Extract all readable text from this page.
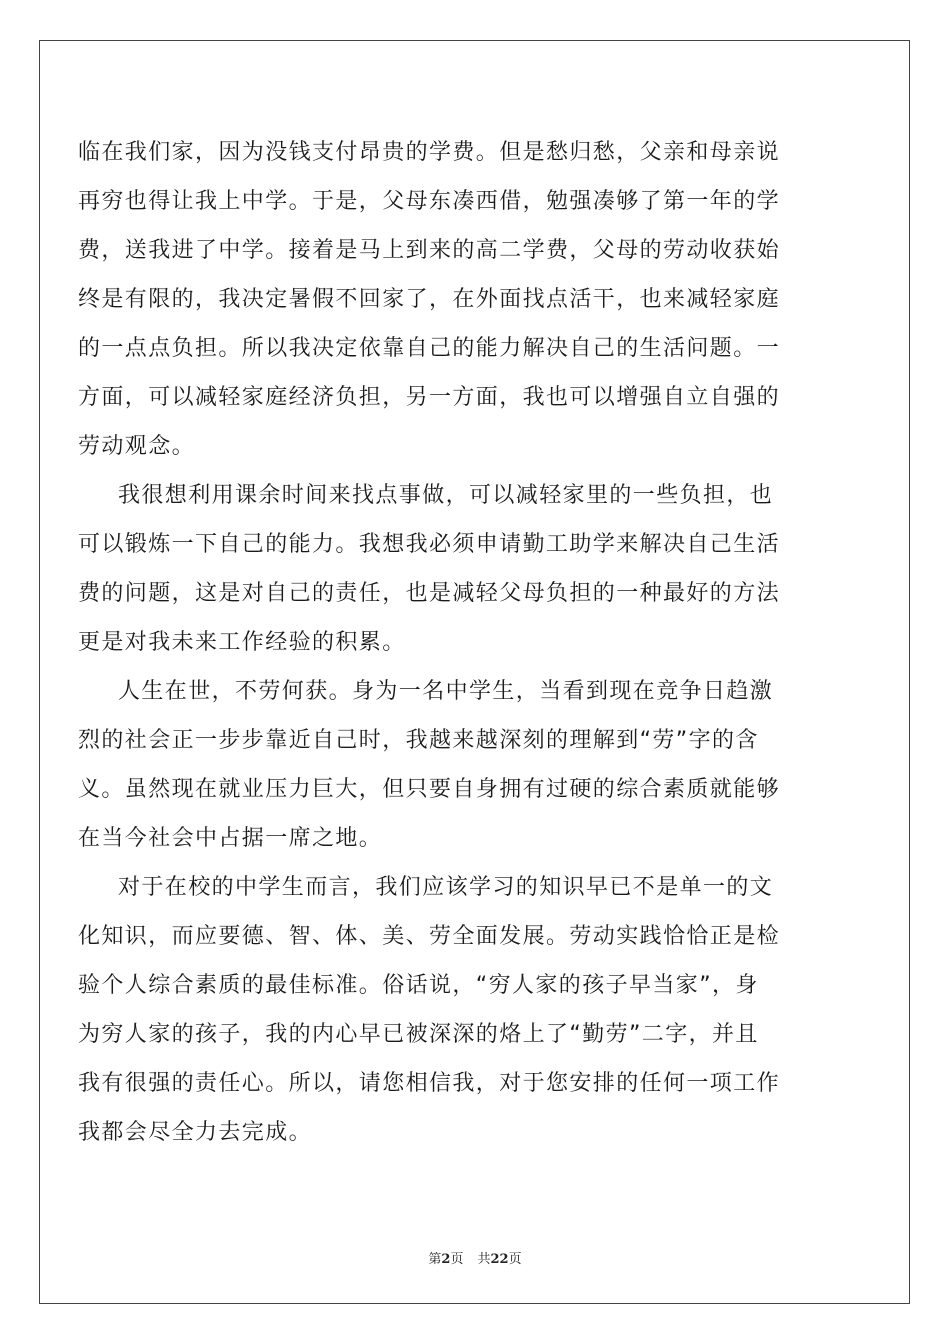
临在我们家，因为没钱支付昂贵的学费。但是愁归愁，父亲和母亲说
再穷也得让我上中学。于是，父母东凑西借，勉强凑够了第一年的学
费，送我进了中学。接着是马上到来的高二学费，父母的劳动收获始
终是有限的，我决定暑假不回家了，在外面找点活干，也来减轻家庭
的一点点负担。所以我决定依靠自己的能力解决自己的生活问题。一
方面，可以减轻家庭经济负担，另一方面，我也可以增强自立自强的
劳动观念。
我很想利用课余时间来找点事做，可以减轻家里的一些负担，也
可以锻炼一下自己的能力。我想我必须申请勤工助学来解决自己生活
费的问题，这是对自己的责任，也是减轻父母负担的一种最好的方法
更是对我未来工作经验的积累。
人生在世，不劳何获。身为一名中学生，当看到现在竞争日趋激
烈的社会正一步步靠近自己时，我越来越深刻的理解到“劳”字的含
义。虽然现在就业压力巨大，但只要自身拥有过硬的综合素质就能够
在当今社会中占据一席之地。
对于在校的中学生而言，我们应该学习的知识早已不是单一的文
化知识，而应要德、智、体、美、劳全面发展。劳动实践恰恰正是检
验个人综合素质的最佳标准。俗话说，“穷人家的孩子早当家”，身
为穷人家的孩子，我的内心早已被深深的烙上了“勤劳”二字，并且
我有很强的责任心。所以，请您相信我，对于您安排的任何一项工作
我都会尽全力去完成。
第2页 共22页
